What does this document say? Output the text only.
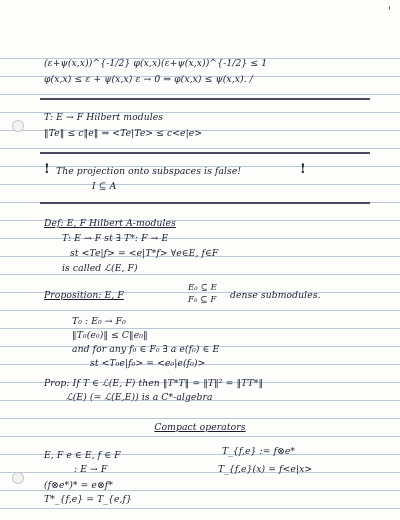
(ε+ψ(x,x))^{-1/2} φ(x,x)(ε+ψ(x,x))^{-1/2} ≤ 1
φ(x,x) ≤ ε + ψ(x,x) ε → 0 ⇒ φ(x,x) ≤ ψ(x,x). /
T: E → F Hilbert modules
‖Te‖ ≤ c‖e‖ ⇒ <Te|Te> ≤ c<e|e>
! The projection onto subspaces is false!	!
I ⊆ A
Def: E, F Hilbert A-modules
T: E → F st ∃ T*: F → E
st <Te|f> = <e|T*f> ∀e∈E, f∈F
is called ℒ(E, F)
Proposition: E, F
E₀ ⊆ E
F₀ ⊆ F dense submodules.
T₀ : E₀ → F₀
‖T₀(e₀)‖ ≤ C‖e₀‖
and for any f₀ ∈ F₀ ∃ a e(f₀) ∈ E
st <T₀e|f₀> = <e₀|e(f₀)>
Prop: If T ∈ ℒ(E, F) then ‖T*T‖ = ‖T‖² = ‖TT*‖
ℒ(E) (= ℒ(E,E)) is a C*-algebra
Compact operators
E, F e ∈ E, f ∈ F	T_{f,e} := f⊗e*
: E → F	T_{f,e}(x) = f<e|x>
(f⊗e*)* = e⊗f*
T*_{f,e} = T_{e,f}
'
